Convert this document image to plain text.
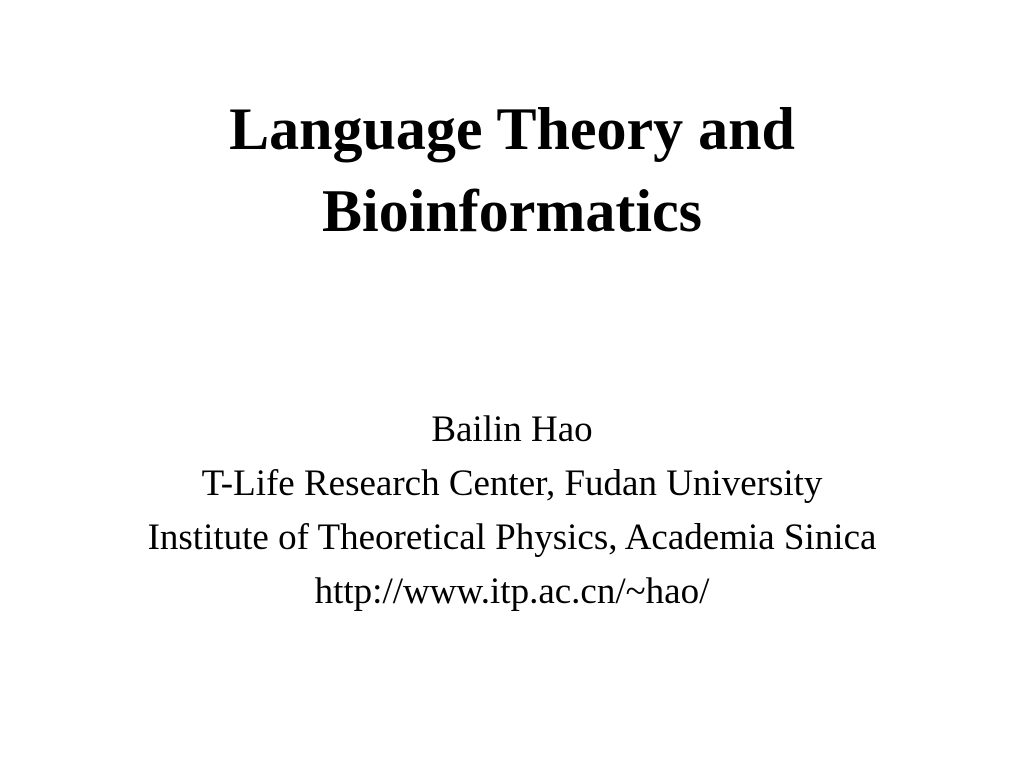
Language Theory and
Bioinformatics
Bailin Hao
T-Life Research Center, Fudan University
Institute of Theoretical Physics, Academia Sinica
http://www.itp.ac.cn/~hao/
